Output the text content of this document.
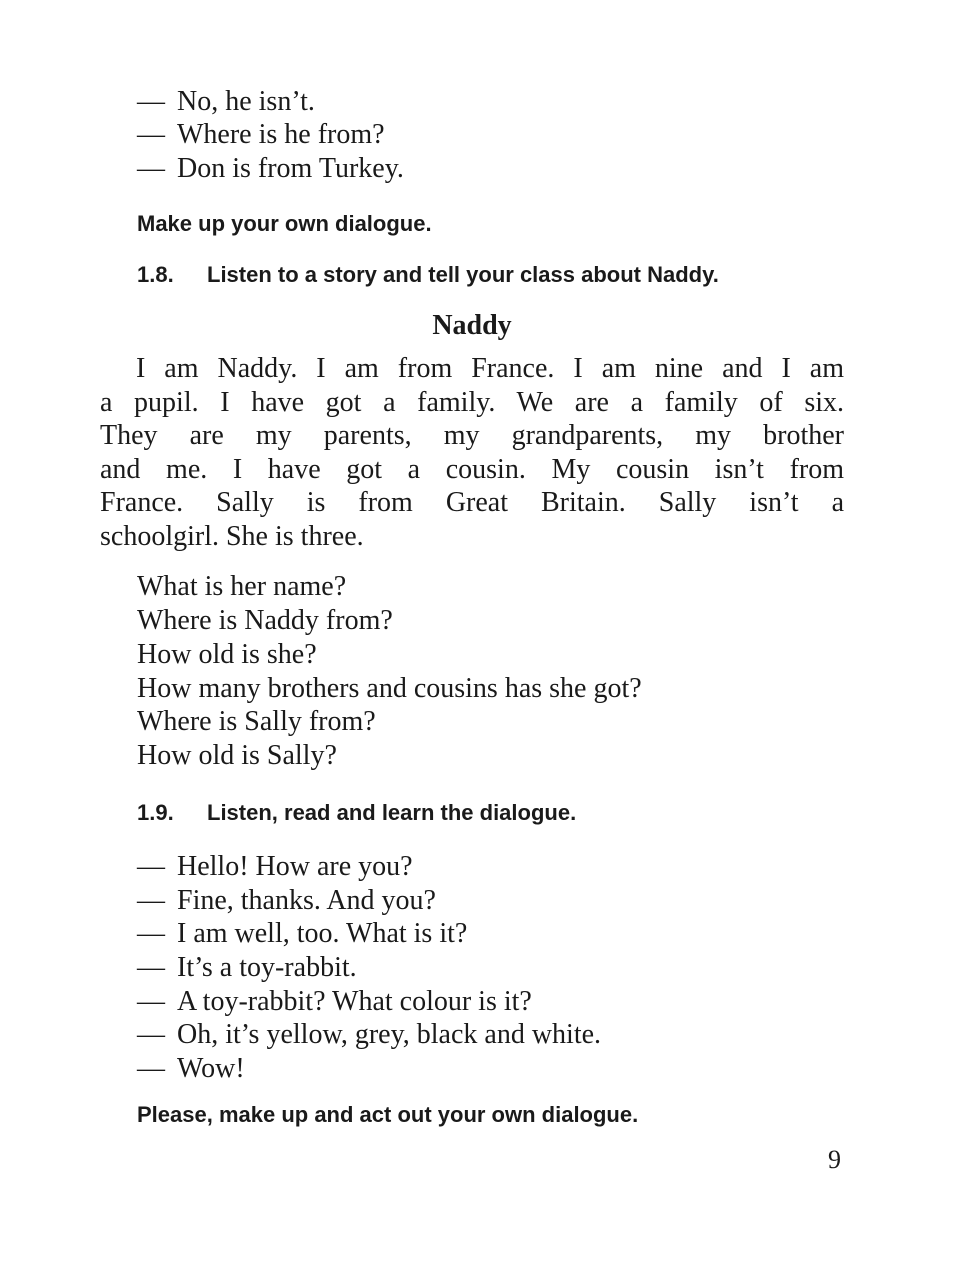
— No, he isn’t.
— Where is he from?
— Don is from Turkey.
Make up your own dialogue.
1.8. Listen to a story and tell your class about Naddy.
Naddy
I am Naddy. I am from France. I am nine and I am
a pupil. I have got a family. We are a family of six.
They are my parents, my grandparents, my brother
and me. I have got a cousin. My cousin isn’t from
France. Sally is from Great Britain. Sally isn’t a
schoolgirl. She is three.
What is her name?
Where is Naddy from?
How old is she?
How many brothers and cousins has she got?
Where is Sally from?
How old is Sally?
1.9. Listen, read and learn the dialogue.
— Hello! How are you?
— Fine, thanks. And you?
— I am well, too. What is it?
— It’s a toy-rabbit.
— A toy-rabbit? What colour is it?
— Oh, it’s yellow, grey, black and white.
— Wow!
Please, make up and act out your own dialogue.
9
